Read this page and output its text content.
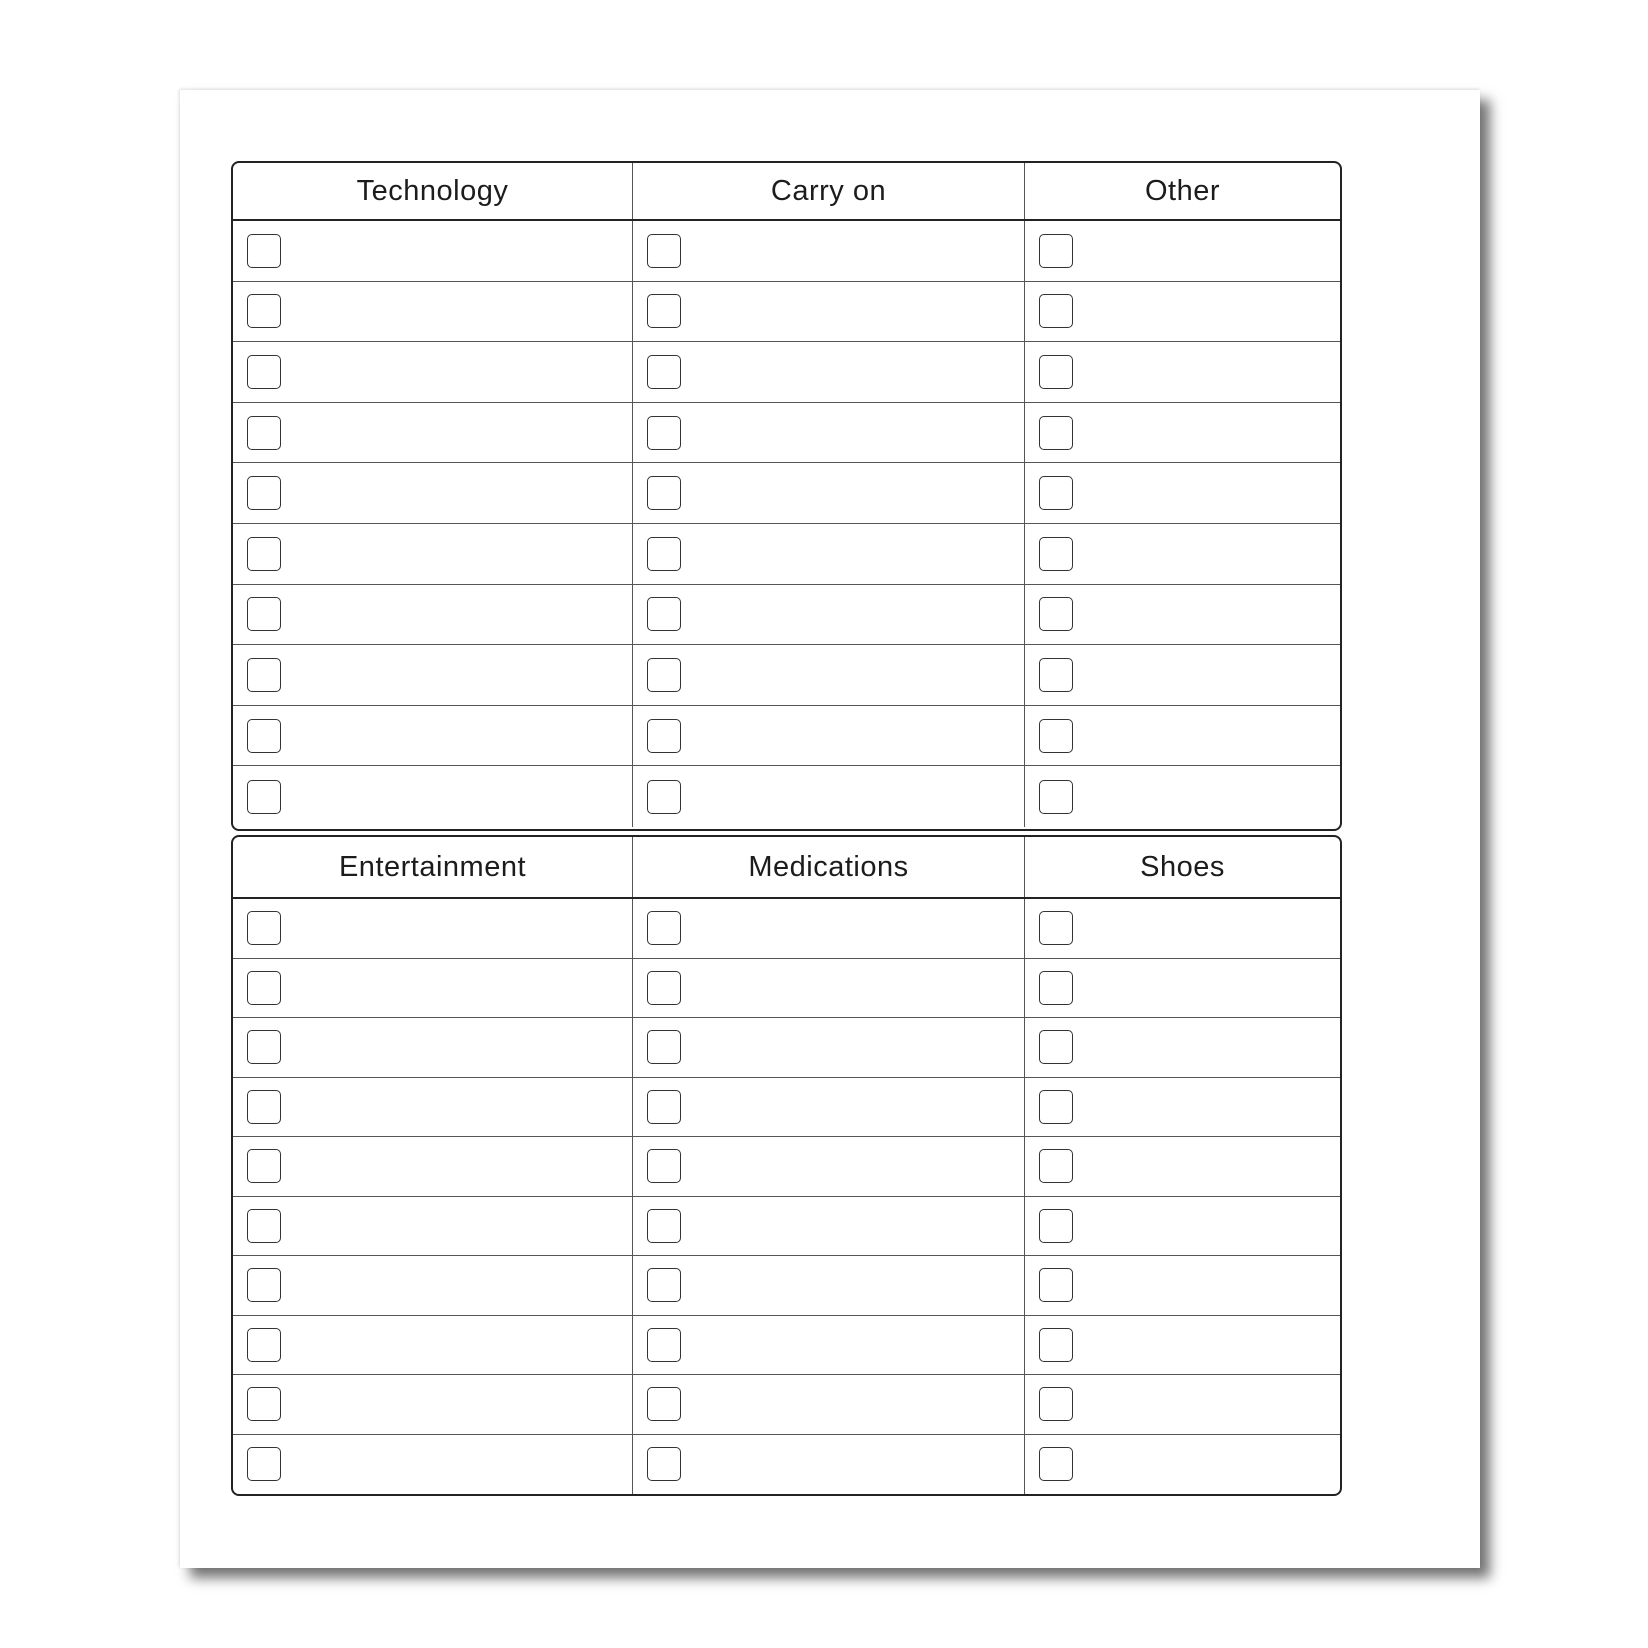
Technology	Carry on	Other
Entertainment	Medications	Shoes
